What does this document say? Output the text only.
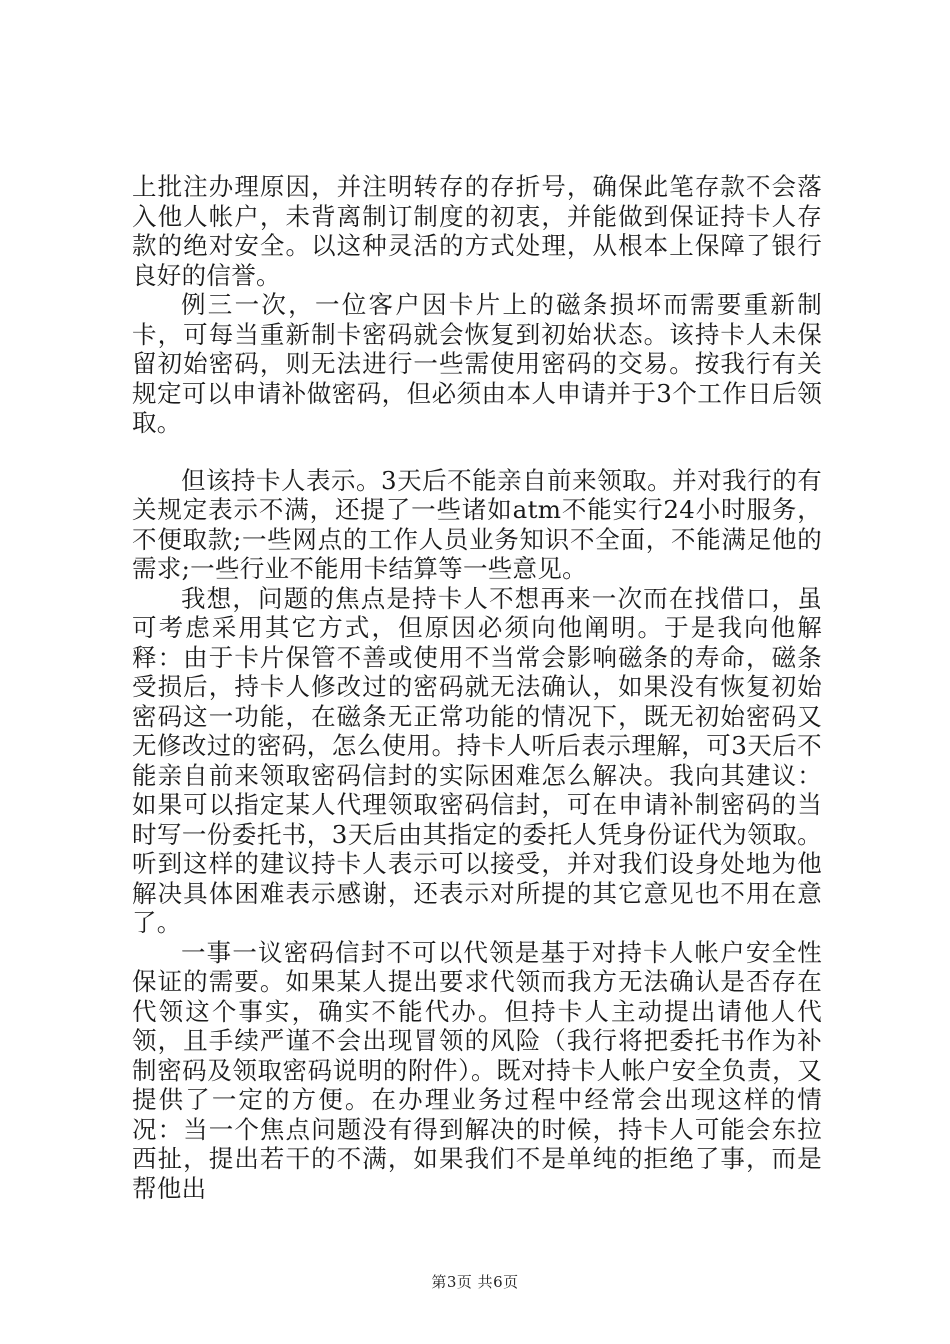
上批注办理原因，并注明转存的存折号，确保此笔存款不会落入他人帐户，未背离制订制度的初衷，并能做到保证持卡人存款的绝对安全。以这种灵活的方式处理，从根本上保障了银行良好的信誉。

例三一次，一位客户因卡片上的磁条损坏而需要重新制卡，可每当重新制卡密码就会恢复到初始状态。该持卡人未保留初始密码，则无法进行一些需使用密码的交易。按我行有关规定可以申请补做密码，但必须由本人申请并于3个工作日后领取。

但该持卡人表示。3天后不能亲自前来领取。并对我行的有关规定表示不满，还提了一些诸如atm不能实行24小时服务，不便取款;一些网点的工作人员业务知识不全面，不能满足他的需求;一些行业不能用卡结算等一些意见。

我想，问题的焦点是持卡人不想再来一次而在找借口，虽可考虑采用其它方式，但原因必须向他阐明。于是我向他解释：由于卡片保管不善或使用不当常会影响磁条的寿命，磁条受损后，持卡人修改过的密码就无法确认，如果没有恢复初始密码这一功能，在磁条无正常功能的情况下，既无初始密码又无修改过的密码，怎么使用。持卡人听后表示理解，可3天后不能亲自前来领取密码信封的实际困难怎么解决。我向其建议：如果可以指定某人代理领取密码信封，可在申请补制密码的当时写一份委托书，3天后由其指定的委托人凭身份证代为领取。听到这样的建议持卡人表示可以接受，并对我们设身处地为他解决具体困难表示感谢，还表示对所提的其它意见也不用在意了。

一事一议密码信封不可以代领是基于对持卡人帐户安全性保证的需要。如果某人提出要求代领而我方无法确认是否存在代领这个事实，确实不能代办。但持卡人主动提出请他人代领，且手续严谨不会出现冒领的风险（我行将把委托书作为补制密码及领取密码说明的附件）。既对持卡人帐户安全负责，又提供了一定的方便。在办理业务过程中经常会出现这样的情况：当一个焦点问题没有得到解决的时候，持卡人可能会东拉西扯，提出若干的不满，如果我们不是单纯的拒绝了事，而是帮他出

第3页 共6页
